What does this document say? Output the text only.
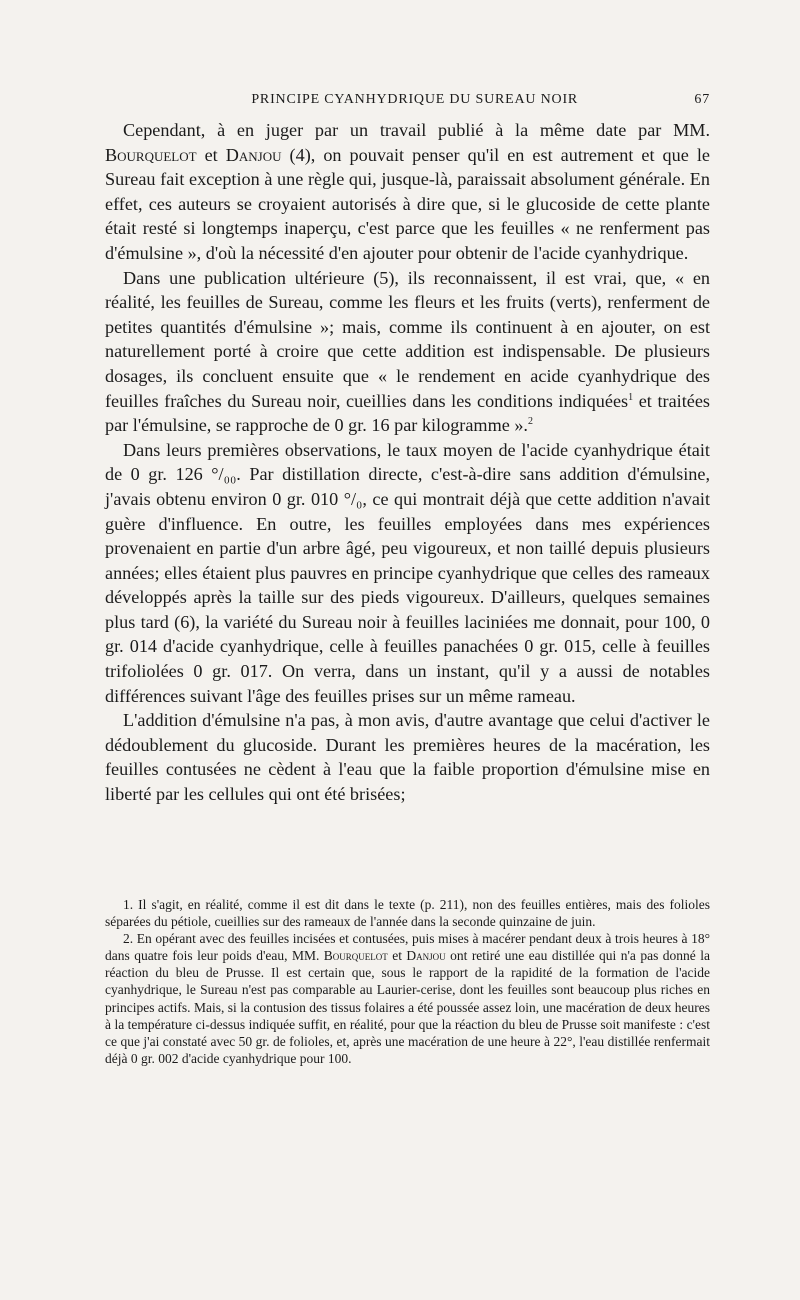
PRINCIPE CYANHYDRIQUE DU SUREAU NOIR	67

Cependant, à en juger par un travail publié à la même date par MM. Bourquelot et Danjou (4), on pouvait penser qu'il en est autrement et que le Sureau fait exception à une règle qui, jusque-là, paraissait absolument générale. En effet, ces auteurs se croyaient autorisés à dire que, si le glucoside de cette plante était resté si longtemps inaperçu, c'est parce que les feuilles « ne renferment pas d'émulsine », d'où la nécessité d'en ajouter pour obtenir de l'acide cyanhydrique.

Dans une publication ultérieure (5), ils reconnaissent, il est vrai, que, « en réalité, les feuilles de Sureau, comme les fleurs et les fruits (verts), renferment de petites quantités d'émulsine »; mais, comme ils continuent à en ajouter, on est naturellement porté à croire que cette addition est indispensable. De plusieurs dosages, ils concluent ensuite que « le rendement en acide cyanhydrique des feuilles fraîches du Sureau noir, cueillies dans les conditions indiquées$^1$ et traitées par l'émulsine, se rapproche de 0 gr. 16 par kilogramme ».$^2$

Dans leurs premières observations, le taux moyen de l'acide cyanhydrique était de 0 gr. 126 °/₀₀. Par distillation directe, c'est-à-dire sans addition d'émulsine, j'avais obtenu environ 0 gr. 010 °/₀, ce qui montrait déjà que cette addition n'avait guère d'influence. En outre, les feuilles employées dans mes expériences provenaient en partie d'un arbre âgé, peu vigoureux, et non taillé depuis plusieurs années; elles étaient plus pauvres en principe cyanhydrique que celles des rameaux développés après la taille sur des pieds vigoureux. D'ailleurs, quelques semaines plus tard (6), la variété du Sureau noir à feuilles laciniées me donnait, pour 100, 0 gr. 014 d'acide cyanhydrique, celle à feuilles panachées 0 gr. 015, celle à feuilles trifoliolées 0 gr. 017. On verra, dans un instant, qu'il y a aussi de notables différences suivant l'âge des feuilles prises sur un même rameau.

L'addition d'émulsine n'a pas, à mon avis, d'autre avantage que celui d'activer le dédoublement du glucoside. Durant les premières heures de la macération, les feuilles contusées ne cèdent à l'eau que la faible proportion d'émulsine mise en liberté par les cellules qui ont été brisées;

1. Il s'agit, en réalité, comme il est dit dans le texte (p. 211), non des feuilles entières, mais des folioles séparées du pétiole, cueillies sur des rameaux de l'année dans la seconde quinzaine de juin.

2. En opérant avec des feuilles incisées et contusées, puis mises à macérer pendant deux à trois heures à 18° dans quatre fois leur poids d'eau, MM. Bourquelot et Danjou ont retiré une eau distillée qui n'a pas donné la réaction du bleu de Prusse. Il est certain que, sous le rapport de la rapidité de la formation de l'acide cyanhydrique, le Sureau n'est pas comparable au Laurier-cerise, dont les feuilles sont beaucoup plus riches en principes actifs. Mais, si la contusion des tissus folaires a été poussée assez loin, une macération de deux heures à la température ci-dessus indiquée suffit, en réalité, pour que la réaction du bleu de Prusse soit manifeste : c'est ce que j'ai constaté avec 50 gr. de folioles, et, après une macération de une heure à 22°, l'eau distillée renfermait déjà 0 gr. 002 d'acide cyanhydrique pour 100.
